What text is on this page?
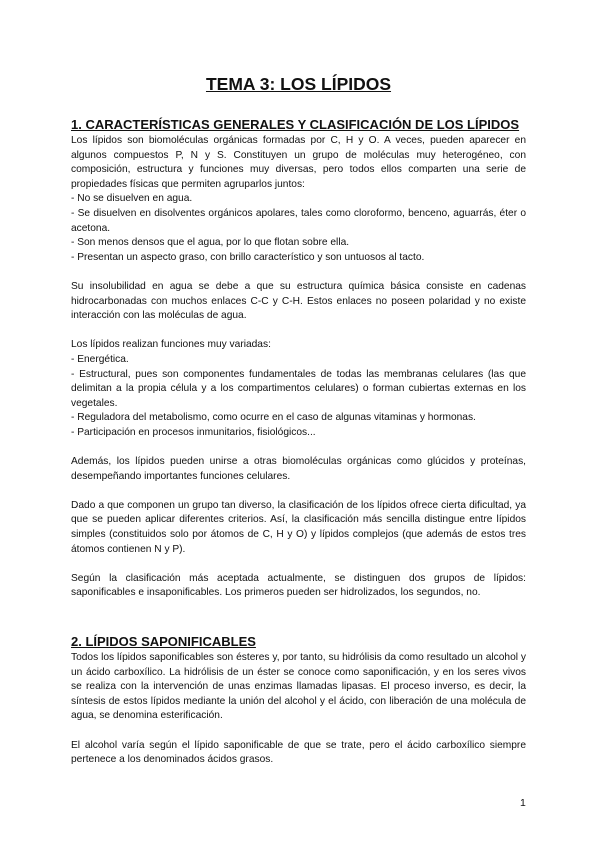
TEMA 3: LOS LÍPIDOS
1. CARACTERÍSTICAS GENERALES Y CLASIFICACIÓN DE LOS LÍPIDOS

Los lípidos son biomoléculas orgánicas formadas por C, H y O. A veces, pueden aparecer en algunos compuestos P, N y S. Constituyen un grupo de moléculas muy heterogéneo, con composición, estructura y funciones muy diversas, pero todos ellos comparten una serie de propiedades físicas que permiten agruparlos juntos:

- No se disuelven en agua.

- Se disuelven en disolventes orgánicos apolares, tales como cloroformo, benceno, aguarrás, éter o acetona.

- Son menos densos que el agua, por lo que flotan sobre ella.

- Presentan un aspecto graso, con brillo característico y son untuosos al tacto.

Su insolubilidad en agua se debe a que su estructura química básica consiste en cadenas hidrocarbonadas con muchos enlaces C-C y C-H. Estos enlaces no poseen polaridad y no existe interacción con las moléculas de agua.

Los lípidos realizan funciones muy variadas:

- Energética.

- Estructural, pues son componentes fundamentales de todas las membranas celulares (las que delimitan a la propia célula y a los compartimentos celulares) o forman cubiertas externas en los vegetales.

- Reguladora del metabolismo, como ocurre en el caso de algunas vitaminas y hormonas.

- Participación en procesos inmunitarios, fisiológicos...

Además, los lípidos pueden unirse a otras biomoléculas orgánicas como glúcidos y proteínas, desempeñando importantes funciones celulares.

Dado a que componen un grupo tan diverso, la clasificación de los lípidos ofrece cierta dificultad, ya que se pueden aplicar diferentes criterios. Así, la clasificación más sencilla distingue entre lípidos simples (constituidos solo por átomos de C, H y O) y lípidos complejos (que además de estos tres átomos contienen N y P).

Según la clasificación más aceptada actualmente, se distinguen dos grupos de lípidos: saponificables e insaponificables. Los primeros pueden ser hidrolizados, los segundos, no.

2. LÍPIDOS SAPONIFICABLES

Todos los lípidos saponificables son ésteres y, por tanto, su hidrólisis da como resultado un alcohol y un ácido carboxílico. La hidrólisis de un éster se conoce como saponificación, y en los seres vivos se realiza con la intervención de unas enzimas llamadas lipasas. El proceso inverso, es decir, la síntesis de estos lípidos mediante la unión del alcohol y el ácido, con liberación de una molécula de agua, se denomina esterificación.

El alcohol varía según el lípido saponificable de que se trate, pero el ácido carboxílico siempre pertenece a los denominados ácidos grasos.

1
